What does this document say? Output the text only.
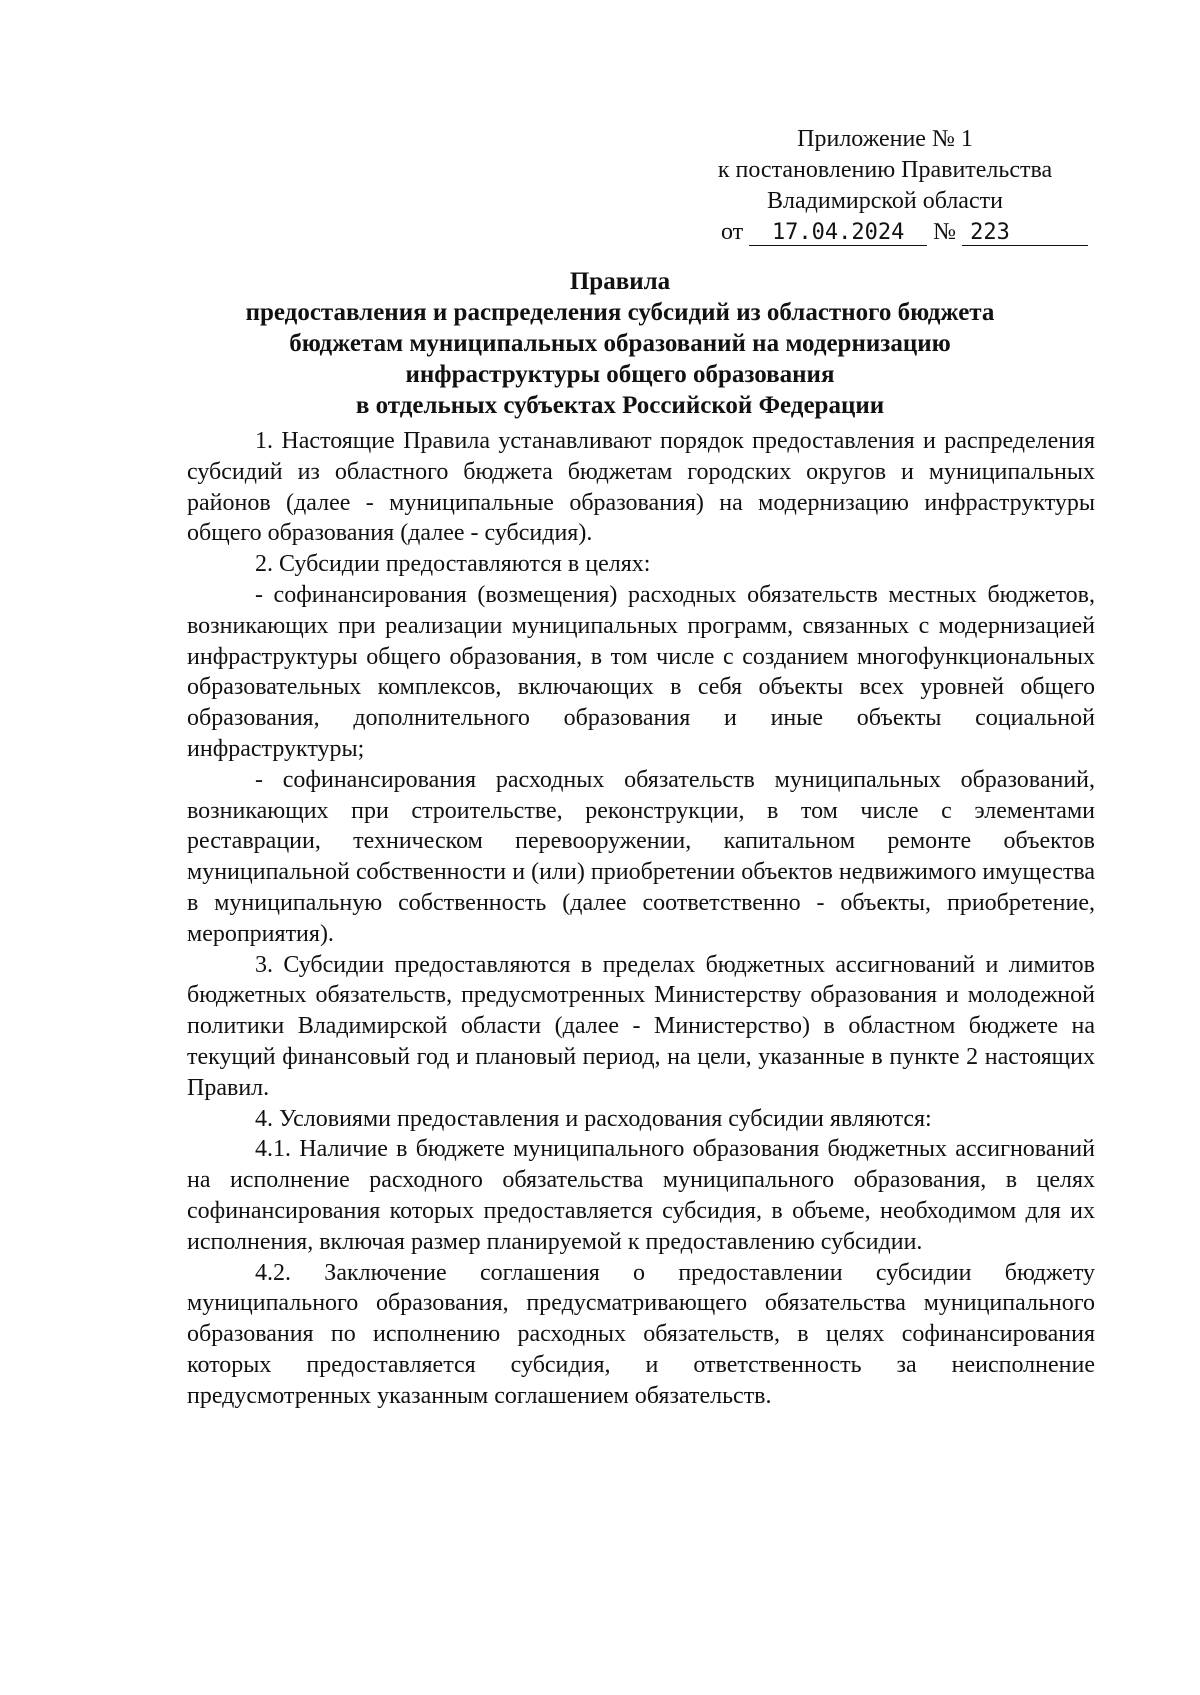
Приложение № 1
к постановлению Правительства
Владимирской области
от 17.04.2024 № 223
Правила
предоставления и распределения субсидий из областного бюджета
бюджетам муниципальных образований на модернизацию
инфраструктуры общего образования
в отдельных субъектах Российской Федерации

1. Настоящие Правила устанавливают порядок предоставления и распределения субсидий из областного бюджета бюджетам городских округов и муниципальных районов (далее - муниципальные образования) на модернизацию инфраструктуры общего образования (далее - субсидия).

2. Субсидии предоставляются в целях:

- софинансирования (возмещения) расходных обязательств местных бюджетов, возникающих при реализации муниципальных программ, связанных с модернизацией инфраструктуры общего образования, в том числе с созданием многофункциональных образовательных комплексов, включающих в себя объекты всех уровней общего образования, дополнительного образования и иные объекты социальной инфраструктуры;

- софинансирования расходных обязательств муниципальных образований, возникающих при строительстве, реконструкции, в том числе с элементами реставрации, техническом перевооружении, капитальном ремонте объектов муниципальной собственности и (или) приобретении объектов недвижимого имущества в муниципальную собственность (далее соответственно - объекты, приобретение, мероприятия).

3. Субсидии предоставляются в пределах бюджетных ассигнований и лимитов бюджетных обязательств, предусмотренных Министерству образования и молодежной политики Владимирской области (далее - Министерство) в областном бюджете на текущий финансовый год и плановый период, на цели, указанные в пункте 2 настоящих Правил.

4. Условиями предоставления и расходования субсидии являются:

4.1. Наличие в бюджете муниципального образования бюджетных ассигнований на исполнение расходного обязательства муниципального образования, в целях софинансирования которых предоставляется субсидия, в объеме, необходимом для их исполнения, включая размер планируемой к предоставлению субсидии.

4.2. Заключение соглашения о предоставлении субсидии бюджету муниципального образования, предусматривающего обязательства муниципального образования по исполнению расходных обязательств, в целях софинансирования которых предоставляется субсидия, и ответственность за неисполнение предусмотренных указанным соглашением обязательств.
